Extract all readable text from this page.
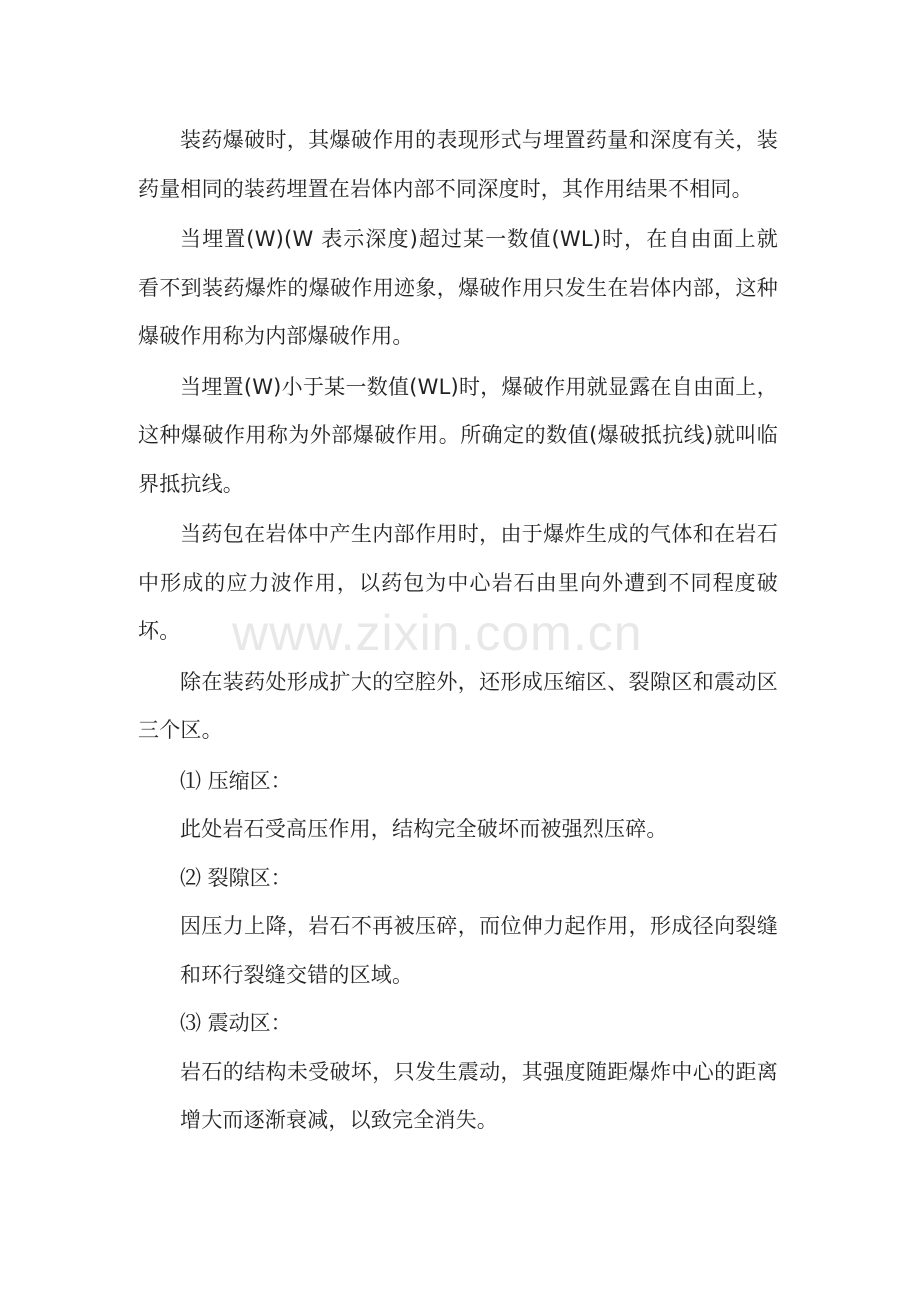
装药爆破时，其爆破作用的表现形式与埋置药量和深度有关，装药量相同的装药埋置在岩体内部不同深度时，其作用结果不相同。

当埋置(W)(W 表示深度)超过某一数值(WL)时，在自由面上就看不到装药爆炸的爆破作用迹象，爆破作用只发生在岩体内部，这种爆破作用称为内部爆破作用。

当埋置(W)小于某一数值(WL)时，爆破作用就显露在自由面上，这种爆破作用称为外部爆破作用。所确定的数值(爆破抵抗线)就叫临界抵抗线。

当药包在岩体中产生内部作用时，由于爆炸生成的气体和在岩石中形成的应力波作用，以药包为中心岩石由里向外遭到不同程度破坏。

除在装药处形成扩大的空腔外，还形成压缩区、裂隙区和震动区三个区。

⑴ 压缩区：

此处岩石受高压作用，结构完全破坏而被强烈压碎。

⑵ 裂隙区：

因压力上降，岩石不再被压碎，而位伸力起作用，形成径向裂缝和环行裂缝交错的区域。

⑶ 震动区：

岩石的结构未受破坏，只发生震动，其强度随距爆炸中心的距离增大而逐渐衰减，以致完全消失。

www.zixin.com.cn
